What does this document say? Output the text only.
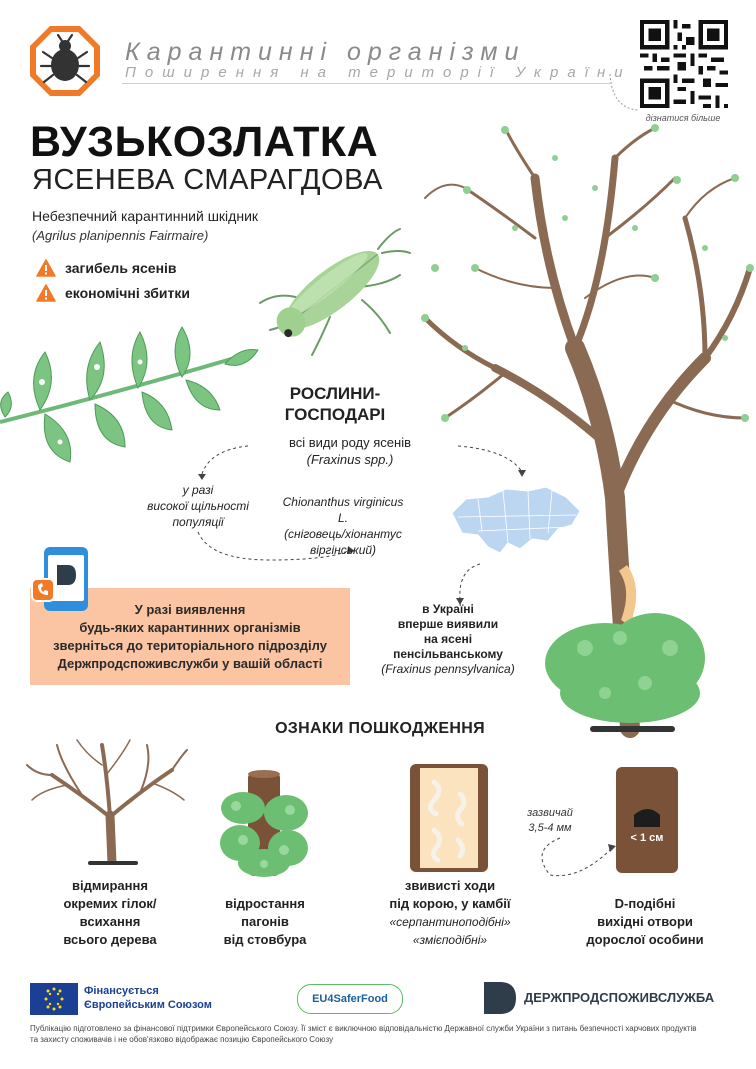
Карантинні організми
Поширення на території України
дізнатися більше
ВУЗЬКОЗЛАТКА
ЯСЕНЕВА СМАРАГДОВА
Небезпечний карантинний шкідник
(Agrilus planipennis Fairmaire)
загибель ясенів
економічні збитки
РОСЛИНИ-
ГОСПОДАРІ
всі види роду ясенів
(Fraxinus spp.)
у разі
високої щільності
популяції
Chionanthus virginicus L.
(сніговець/хіонантус
віргінський)
в Україні
вперше виявили
на ясені
пенсільванському
(Fraxinus pennsylvanica)
У разі виявлення
будь-яких карантинних організмів
зверніться до територіального підрозділу
Держпродспоживслужби у вашій області
ОЗНАКИ ПОШКОДЖЕННЯ
відмирання
окремих гілок/
всихання
всього дерева
відростання
пагонів
від стовбура
звивисті ходи
під корою, у камбії
«серпантиноподібні»
«змієподібні»
зазвичай
3,5-4 мм
< 1 см
D-подібні
вихідні отвори
дорослої особини
Фінансується
Європейським Союзом	EU4SaferFood	ДЕРЖПРОДСПОЖИВСЛУЖБА
Публікацію підготовлено за фінансової підтримки Європейського Союзу. Її зміст є виключною відповідальністю Державної служби України з питань безпечності харчових продуктів
та захисту споживачів і не обов'язково відображає позицію Європейського Союзу
